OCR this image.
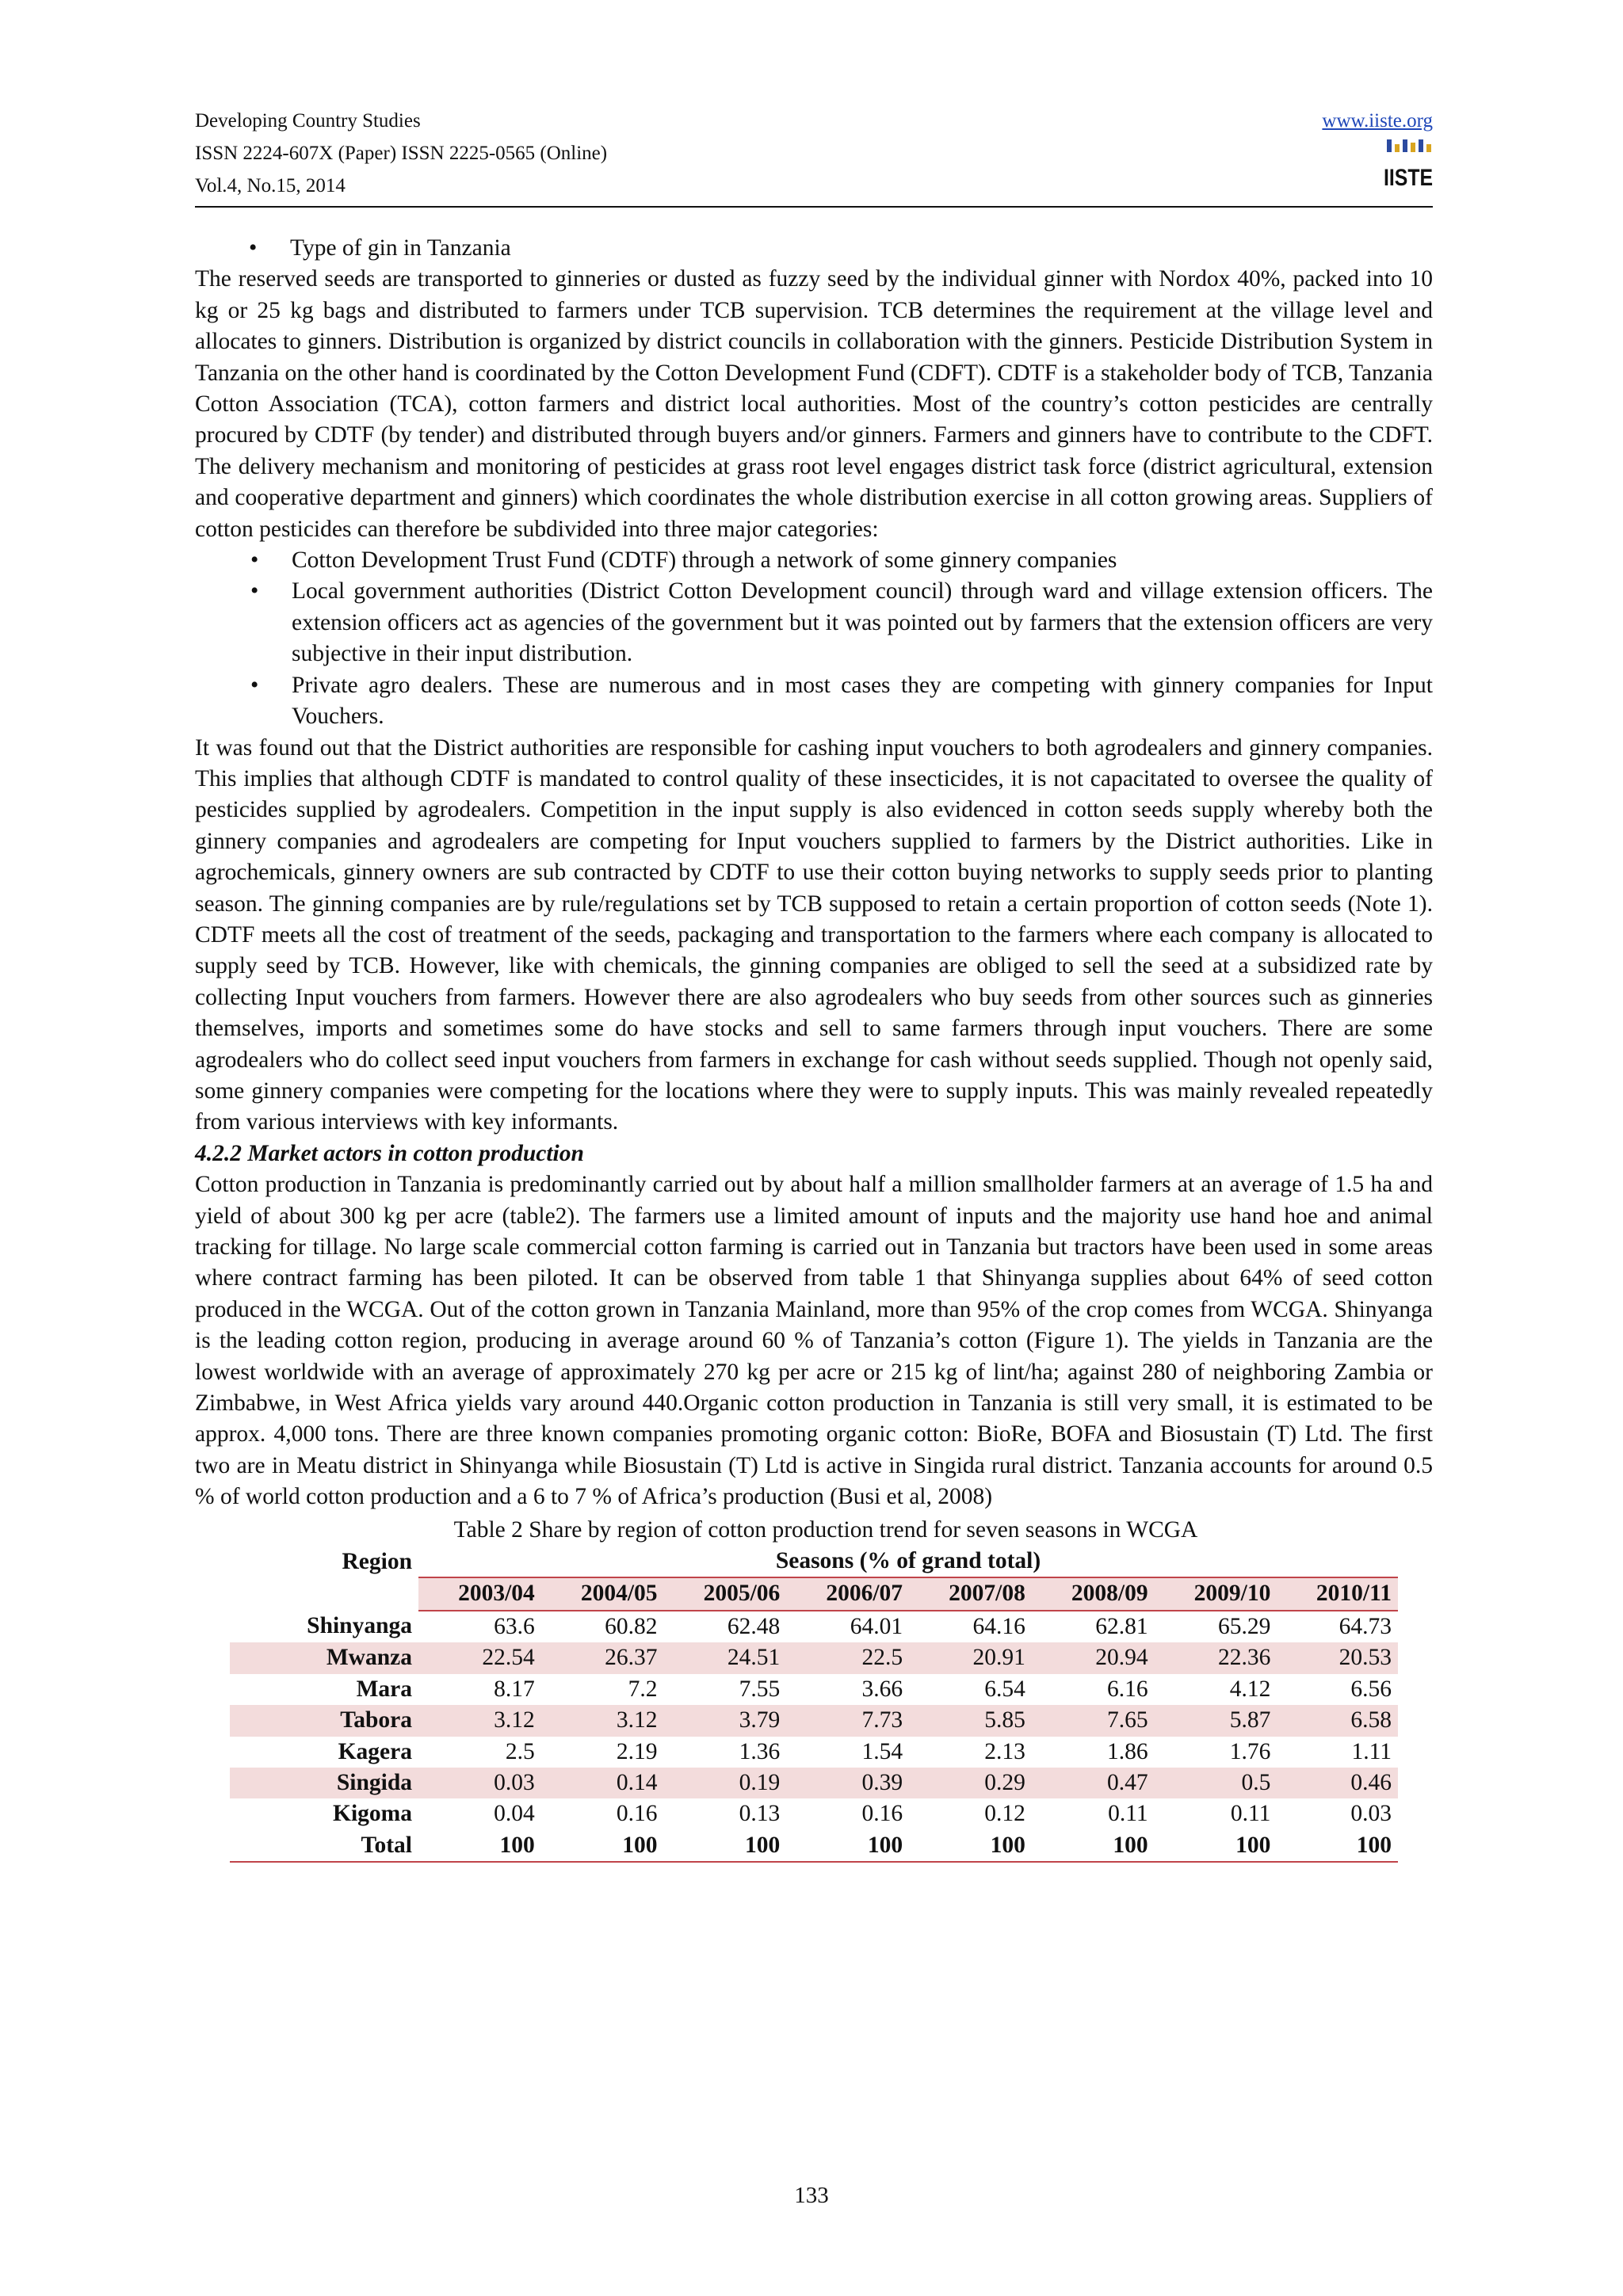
Developing Country Studies
ISSN 2224-607X (Paper) ISSN 2225-0565 (Online)
Vol.4, No.15, 2014
www.iiste.org
IISTE
•	Type of gin in Tanzania

The reserved seeds are transported to ginneries or dusted as fuzzy seed by the individual ginner with Nordox 40%, packed into 10 kg or 25 kg bags and distributed to farmers under TCB supervision. TCB determines the requirement at the village level and allocates to ginners. Distribution is organized by district councils in collaboration with the ginners. Pesticide Distribution System in Tanzania on the other hand is coordinated by the Cotton Development Fund (CDFT). CDTF is a stakeholder body of TCB, Tanzania Cotton Association (TCA), cotton farmers and district local authorities. Most of the country’s cotton pesticides are centrally procured by CDTF (by tender) and distributed through buyers and/or ginners. Farmers and ginners have to contribute to the CDFT. The delivery mechanism and monitoring of pesticides at grass root level engages district task force (district agricultural, extension and cooperative department and ginners) which coordinates the whole distribution exercise in all cotton growing areas. Suppliers of cotton pesticides can therefore be subdivided into three major categories:

•	Cotton Development Trust Fund (CDTF) through a network of some ginnery companies
•	Local government authorities (District Cotton Development council) through ward and village extension officers. The extension officers act as agencies of the government but it was pointed out by farmers that the extension officers are very subjective in their input distribution.
•	Private agro dealers. These are numerous and in most cases they are competing with ginnery companies for Input Vouchers.

It was found out that the District authorities are responsible for cashing input vouchers to both agrodealers and ginnery companies. This implies that although CDTF is mandated to control quality of these insecticides, it is not capacitated to oversee the quality of pesticides supplied by agrodealers. Competition in the input supply is also evidenced in cotton seeds supply whereby both the ginnery companies and agrodealers are competing for Input vouchers supplied to farmers by the District authorities. Like in agrochemicals, ginnery owners are sub contracted by CDTF to use their cotton buying networks to supply seeds prior to planting season. The ginning companies are by rule/regulations set by TCB supposed to retain a certain proportion of cotton seeds (Note 1). CDTF meets all the cost of treatment of the seeds, packaging and transportation to the farmers where each company is allocated to supply seed by TCB. However, like with chemicals, the ginning companies are obliged to sell the seed at a subsidized rate by collecting Input vouchers from farmers. However there are also agrodealers who buy seeds from other sources such as ginneries themselves, imports and sometimes some do have stocks and sell to same farmers through input vouchers. There are some agrodealers who do collect seed input vouchers from farmers in exchange for cash without seeds supplied. Though not openly said, some ginnery companies were competing for the locations where they were to supply inputs. This was mainly revealed repeatedly from various interviews with key informants.

4.2.2 Market actors in cotton production

Cotton production in Tanzania is predominantly carried out by about half a million smallholder farmers at an average of 1.5 ha and yield of about 300 kg per acre (table2). The farmers use a limited amount of inputs and the majority use hand hoe and animal tracking for tillage. No large scale commercial cotton farming is carried out in Tanzania but tractors have been used in some areas where contract farming has been piloted. It can be observed from table 1 that Shinyanga supplies about 64% of seed cotton produced in the WCGA. Out of the cotton grown in Tanzania Mainland, more than 95% of the crop comes from WCGA. Shinyanga is the leading cotton region, producing in average around 60 % of Tanzania’s cotton (Figure 1). The yields in Tanzania are the lowest worldwide with an average of approximately 270 kg per acre or 215 kg of lint/ha; against 280 of neighboring Zambia or Zimbabwe, in West Africa yields vary around 440.Organic cotton production in Tanzania is still very small, it is estimated to be approx. 4,000 tons. There are three known companies promoting organic cotton: BioRe, BOFA and Biosustain (T) Ltd. The first two are in Meatu district in Shinyanga while Biosustain (T) Ltd is active in Singida rural district. Tanzania accounts for around 0.5 % of world cotton production and a 6 to 7 % of Africa’s production (Busi et al, 2008)

Table 2 Share by region of cotton production trend for seven seasons in WCGA

Region	Seasons (% of grand total)							
	2003/04	2004/05	2005/06	2006/07	2007/08	2008/09	2009/10	2010/11
Shinyanga	63.6	60.82	62.48	64.01	64.16	62.81	65.29	64.73
Mwanza	22.54	26.37	24.51	22.5	20.91	20.94	22.36	20.53
Mara	8.17	7.2	7.55	3.66	6.54	6.16	4.12	6.56
Tabora	3.12	3.12	3.79	7.73	5.85	7.65	5.87	6.58
Kagera	2.5	2.19	1.36	1.54	2.13	1.86	1.76	1.11
Singida	0.03	0.14	0.19	0.39	0.29	0.47	0.5	0.46
Kigoma	0.04	0.16	0.13	0.16	0.12	0.11	0.11	0.03
Total	100	100	100	100	100	100	100	100
133
